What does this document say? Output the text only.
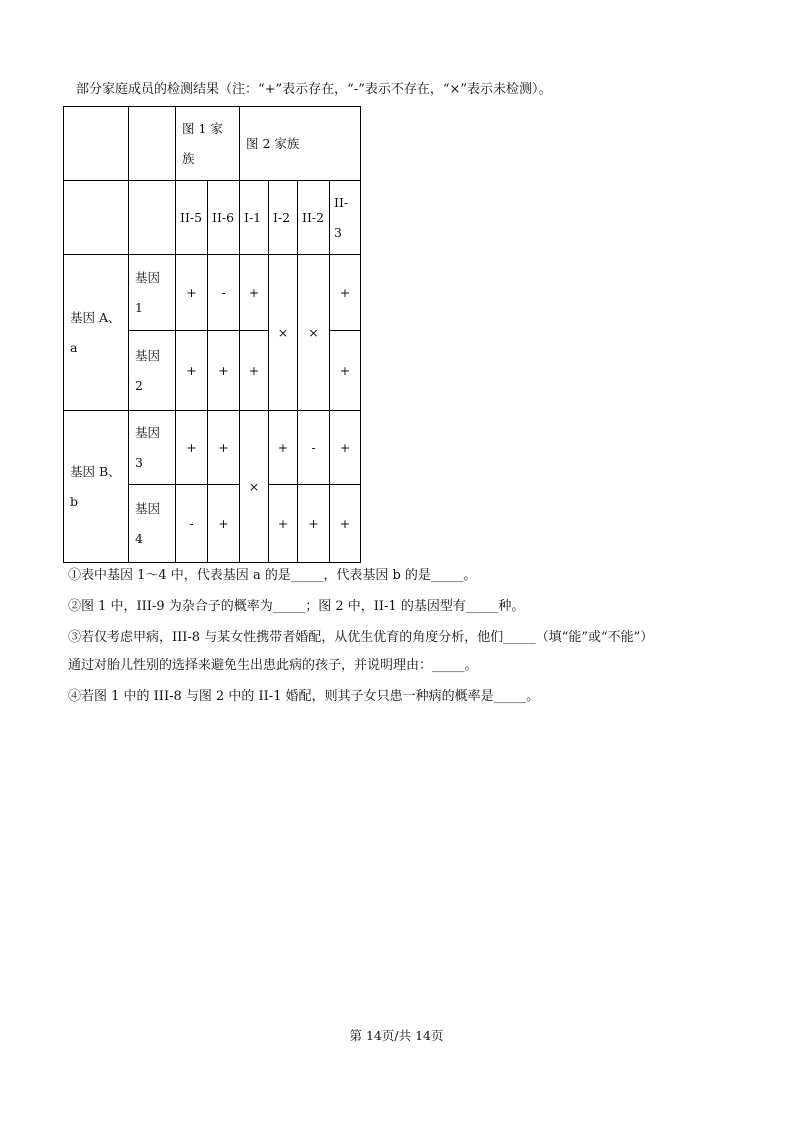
部分家庭成员的检测结果（注：“+”表示存在，“-”表示不存在，“×”表示未检测）。

		图 1 家族		图 2 家族			

		II-5	II-6	I-1	I-2	II-2	II-3

基因 A、a	基因 1	+	-	+	×	×	+

	基因 2	+	+	+			+

基因 B、b	基因 3	+	+	×	+	-	+

	基因 4	-	+		+	+	+
①表中基因 1～4 中，代表基因 a 的是_____，代表基因 b 的是_____。
②图 1 中，III-9 为杂合子的概率为_____；图 2 中，II-1 的基因型有_____种。
③若仅考虑甲病，III-8 与某女性携带者婚配，从优生优育的角度分析，他们_____（填“能”或“不能”）
通过对胎儿性别的选择来避免生出患此病的孩子，并说明理由：_____。
④若图 1 中的 III-8 与图 2 中的 II-1 婚配，则其子女只患一种病的概率是_____。
第 14页/共 14页
